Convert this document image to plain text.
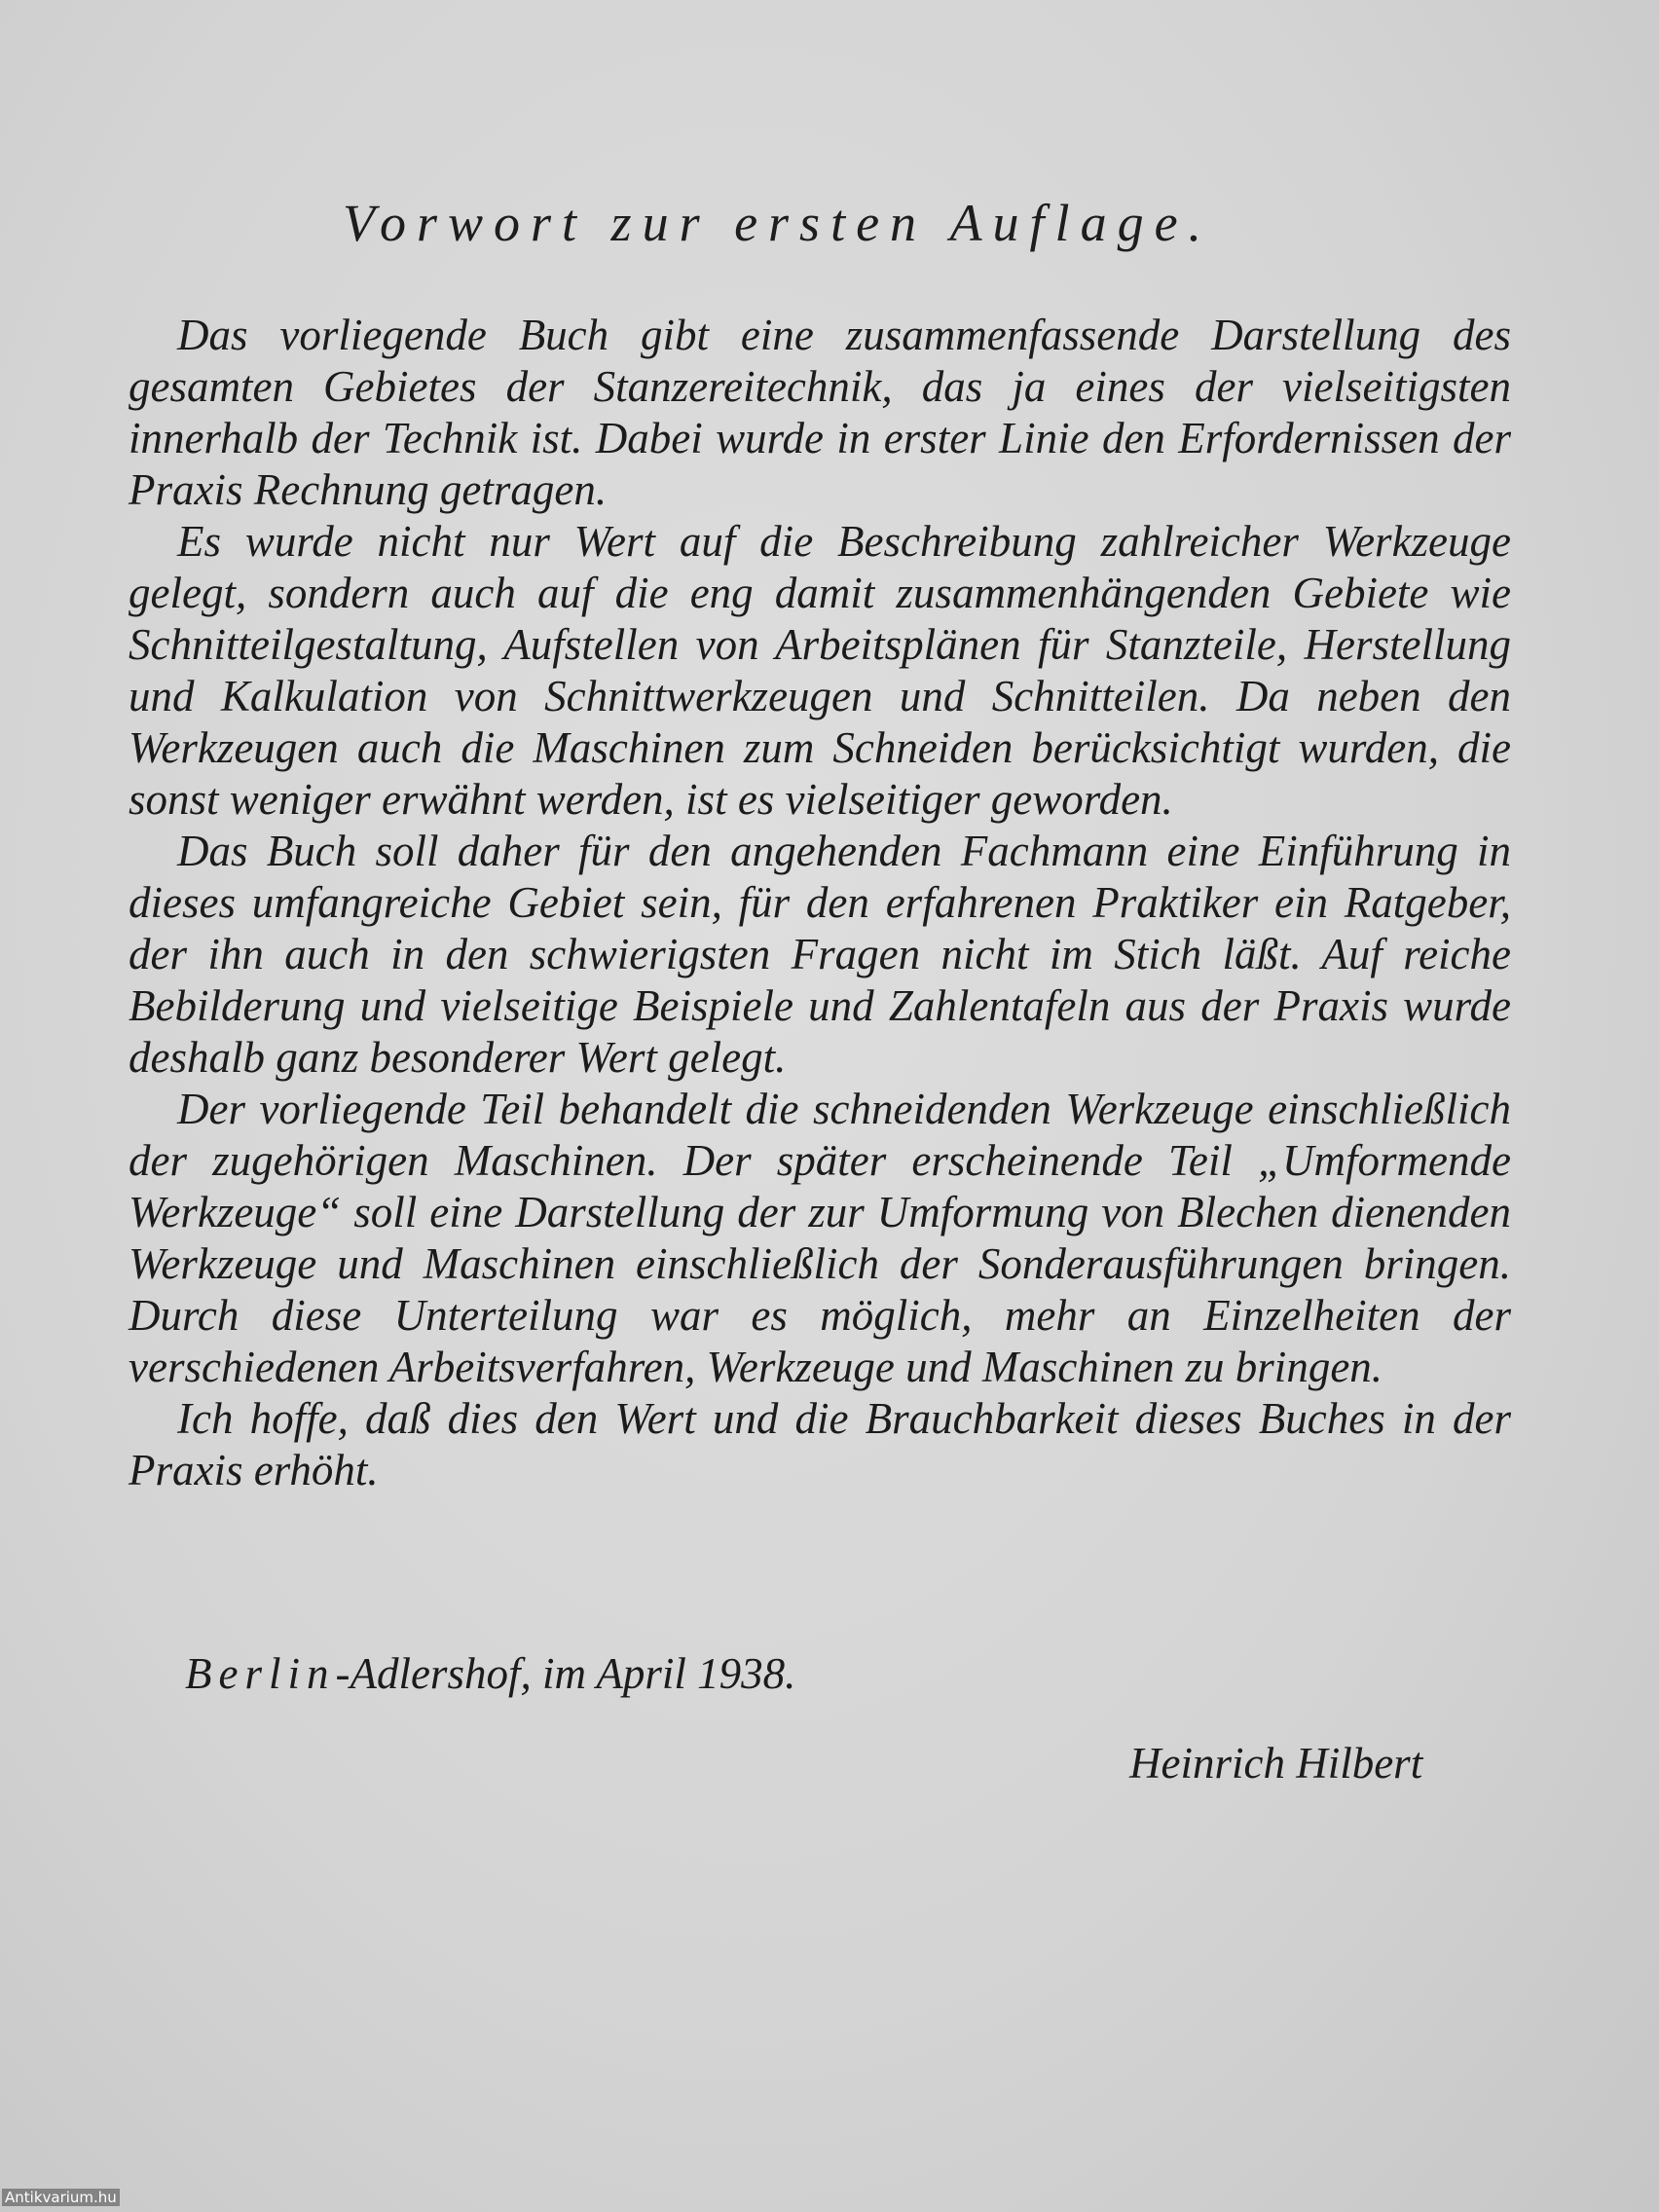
Vorwort zur ersten Auflage.

Das vorliegende Buch gibt eine zusammenfassende Darstellung des gesamten Gebietes der Stanzereitechnik, das ja eines der vielseitigsten innerhalb der Technik ist. Dabei wurde in erster Linie den Erfordernissen der Praxis Rechnung getragen.

Es wurde nicht nur Wert auf die Beschreibung zahlreicher Werkzeuge gelegt, sondern auch auf die eng damit zusammenhängenden Gebiete wie Schnitteilgestaltung, Aufstellen von Arbeitsplänen für Stanzteile, Herstellung und Kalkulation von Schnittwerkzeugen und Schnitteilen. Da neben den Werkzeugen auch die Maschinen zum Schneiden berücksichtigt wurden, die sonst weniger erwähnt werden, ist es vielseitiger geworden.

Das Buch soll daher für den angehenden Fachmann eine Einführung in dieses umfangreiche Gebiet sein, für den erfahrenen Praktiker ein Ratgeber, der ihn auch in den schwierigsten Fragen nicht im Stich läßt. Auf reiche Bebilderung und vielseitige Beispiele und Zahlentafeln aus der Praxis wurde deshalb ganz besonderer Wert gelegt.

Der vorliegende Teil behandelt die schneidenden Werkzeuge einschließlich der zugehörigen Maschinen. Der später erscheinende Teil „Umformende Werkzeuge“ soll eine Darstellung der zur Umformung von Blechen dienenden Werkzeuge und Maschinen einschließlich der Sonderausführungen bringen. Durch diese Unterteilung war es möglich, mehr an Einzelheiten der verschiedenen Arbeitsverfahren, Werkzeuge und Maschinen zu bringen.

Ich hoffe, daß dies den Wert und die Brauchbarkeit dieses Buches in der Praxis erhöht.

Berlin-Adlershof, im April 1938.
Heinrich Hilbert
Antikvarium.hu
